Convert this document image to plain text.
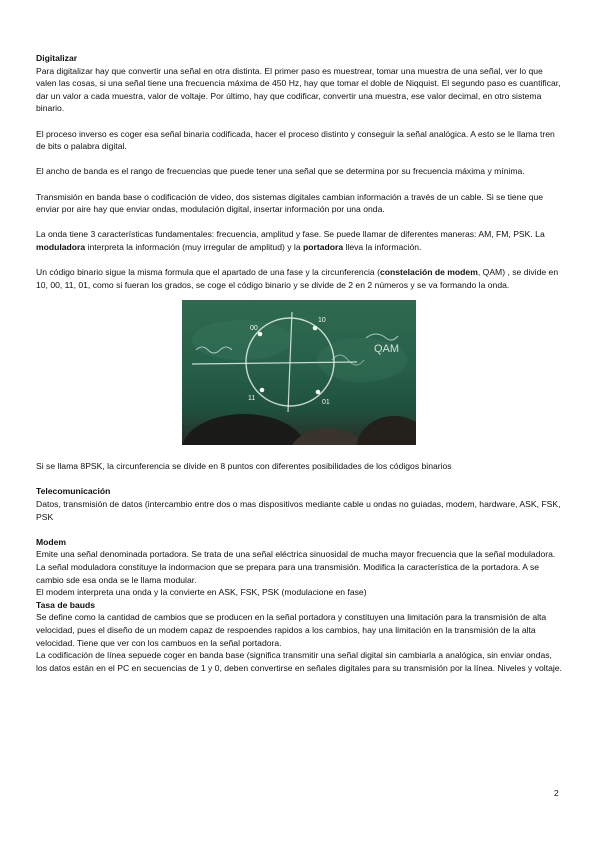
Digitalizar

Para digitalizar hay que convertir una señal en otra distinta. El primer paso es muestrear, tomar una muestra de una señal, ver lo que valen las cosas, si una señal tiene una frecuencia máxima de 450 Hz, hay que tomar el doble de Niqquist. El segundo paso es cuantificar, dar un valor a cada muestra, valor de voltaje. Por último, hay que codificar, convertir una muestra, ese valor decimal, en otro sistema binario.

El proceso inverso es coger esa señal binaria codificada, hacer el proceso distinto y conseguir la señal analógica. A esto se le llama tren de bits o palabra digital.

El ancho de banda es el rango de frecuencias que puede tener una señal que se determina por su frecuencia máxima y mínima.

Transmisión en banda base o codificación de video, dos sistemas digitales cambian información a través de un cable. Si se tiene que enviar por aire hay que enviar ondas, modulación digital, insertar información por una onda.

La onda tiene 3 características fundamentales: frecuencia, amplitud y fase. Se puede llamar de diferentes maneras: AM, FM, PSK. La moduladora interpreta la información (muy irregular de amplitud) y la portadora lleva la información.

Un código binario sigue la misma formula que el apartado de una fase y la circunferencia (constelación de modem, QAM) , se divide en 10, 00, 11, 01, como si fueran los grados, se coge el código binario y se divide de 2 en 2 números y se va formando la onda.

10
00
11
01
QAM

Si se llama 8PSK, la circunferencia se divide en 8 puntos con diferentes posibilidades de los códigos binarios

Telecomunicación

Datos, transmisión de datos (intercambio entre dos o mas dispositivos mediante cable u ondas no guiadas, modem, hardware, ASK, FSK, PSK

Modem

Emite una señal denominada portadora. Se trata de una señal eléctrica sinuosidal de mucha mayor frecuencia que la señal moduladora.

La señal moduladora constituye la indormacion que se prepara para una transmisión. Modifica la característica de la portadora. A se cambio sde esa onda se le llama modular.

El modem interpreta una onda y la convierte en ASK, FSK, PSK (modulacione en fase)

Tasa de bauds

Se define como la cantidad de cambios que se producen en la señal portadora y constituyen una limitación para la transmisión de alta velocidad, pues el diseño de un modem capaz de respoendes rapidos a los cambios, hay una limitación en la transmisión de la alta velocidad. Tiene que ver con los cambuos en la señal portadora.

La codificación de línea sepuede coger en banda base (significa transmitir una señal digital sin cambiarla a analógica, sin enviar ondas, los datos están en el PC en secuencias de 1 y 0, deben convertirse en señales digitales para su transmisión por la línea. Niveles y voltaje.

2
